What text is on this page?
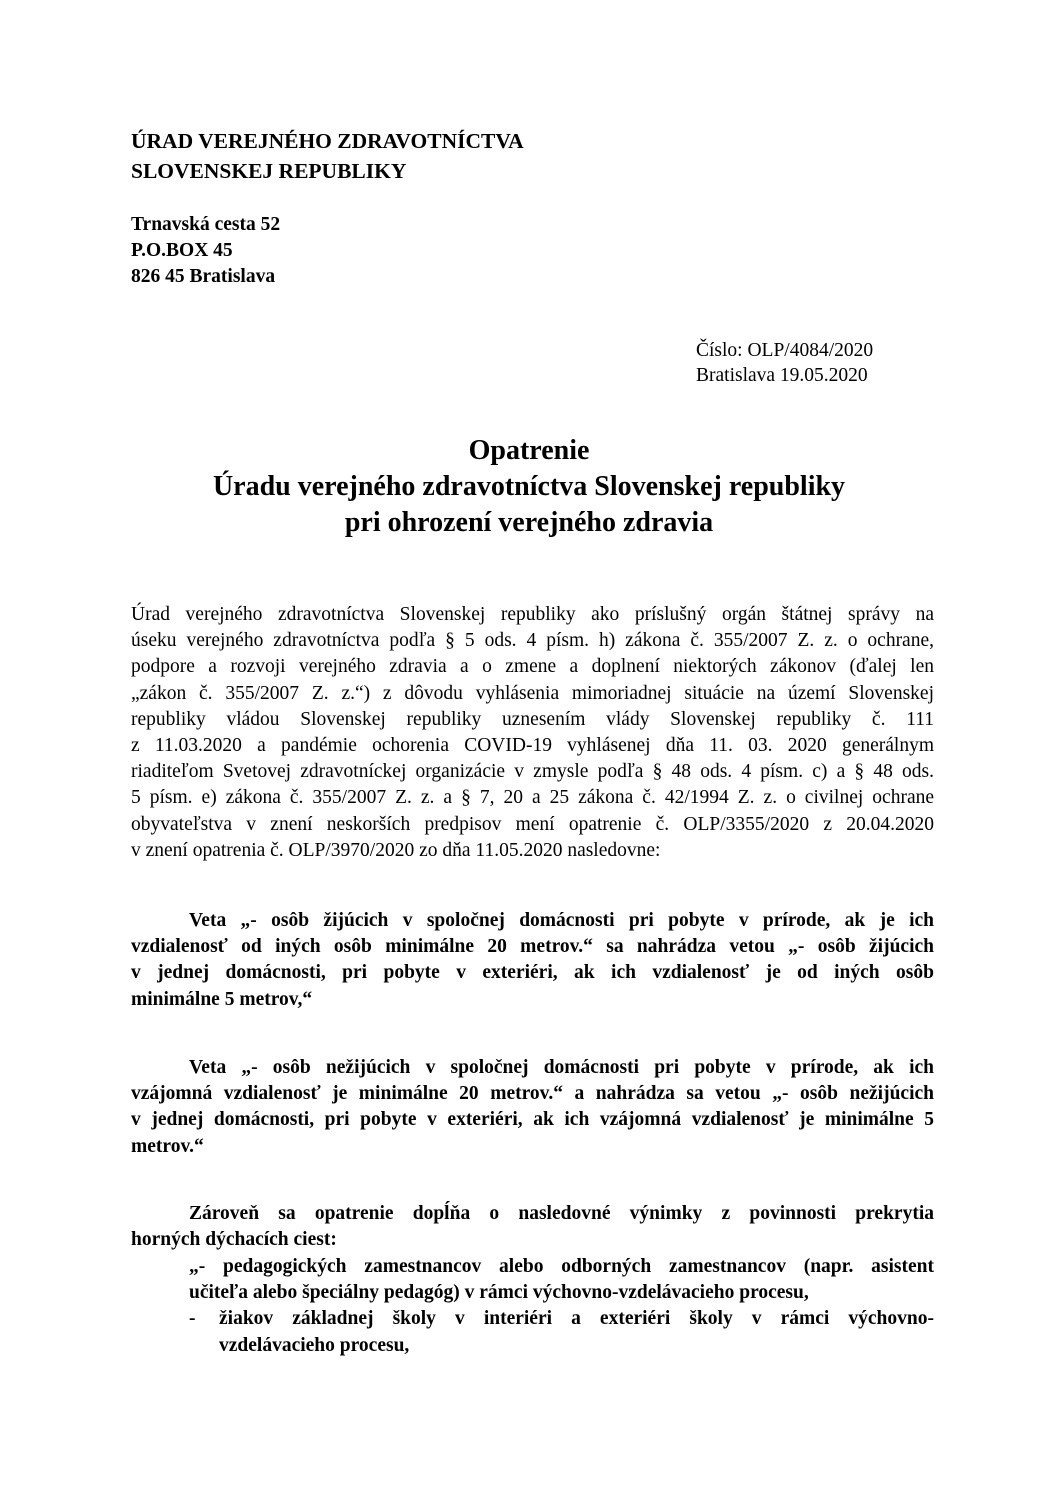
ÚRAD VEREJNÉHO ZDRAVOTNÍCTVA
SLOVENSKEJ REPUBLIKY
Trnavská cesta 52
P.O.BOX 45
826 45 Bratislava
Číslo: OLP/4084/2020
Bratislava 19.05.2020
Opatrenie
Úradu verejného zdravotníctva Slovenskej republiky
pri ohrození verejného zdravia
Úrad verejného zdravotníctva Slovenskej republiky ako príslušný orgán štátnej správy na
úseku verejného zdravotníctva podľa § 5 ods. 4 písm. h) zákona č. 355/2007 Z. z. o ochrane,
podpore a rozvoji verejného zdravia a o zmene a doplnení niektorých zákonov (ďalej len
„zákon č. 355/2007 Z. z.“) z dôvodu vyhlásenia mimoriadnej situácie na území Slovenskej
republiky vládou Slovenskej republiky uznesením vlády Slovenskej republiky č. 111
z 11.03.2020 a pandémie ochorenia COVID-19 vyhlásenej dňa 11. 03. 2020 generálnym
riaditeľom Svetovej zdravotníckej organizácie v zmysle podľa § 48 ods. 4 písm. c) a § 48 ods.
5 písm. e) zákona č. 355/2007 Z. z. a § 7, 20 a 25 zákona č. 42/1994 Z. z. o civilnej ochrane
obyvateľstva v znení neskorších predpisov mení opatrenie č. OLP/3355/2020 z 20.04.2020
v znení opatrenia č. OLP/3970/2020 zo dňa 11.05.2020 nasledovne:
Veta „- osôb žijúcich v spoločnej domácnosti pri pobyte v prírode, ak je ich
vzdialenosť od iných osôb minimálne 20 metrov.“ sa nahrádza vetou „- osôb žijúcich
v jednej domácnosti, pri pobyte v exteriéri, ak ich vzdialenosť je od iných osôb
minimálne 5 metrov,“
Veta „- osôb nežijúcich v spoločnej domácnosti pri pobyte v prírode, ak ich
vzájomná vzdialenosť je minimálne 20 metrov.“ a nahrádza sa vetou „- osôb nežijúcich
v jednej domácnosti, pri pobyte v exteriéri, ak ich vzájomná vzdialenosť je minimálne 5
metrov.“
Zároveň sa opatrenie dopĺňa o nasledovné výnimky z povinnosti prekrytia
horných dýchacích ciest:
„- pedagogických zamestnancov alebo odborných zamestnancov (napr. asistent
učiteľa alebo špeciálny pedagóg) v rámci výchovno-vzdelávacieho procesu,
-	žiakov základnej školy v interiéri a exteriéri školy v rámci výchovno-
vzdelávacieho procesu,
